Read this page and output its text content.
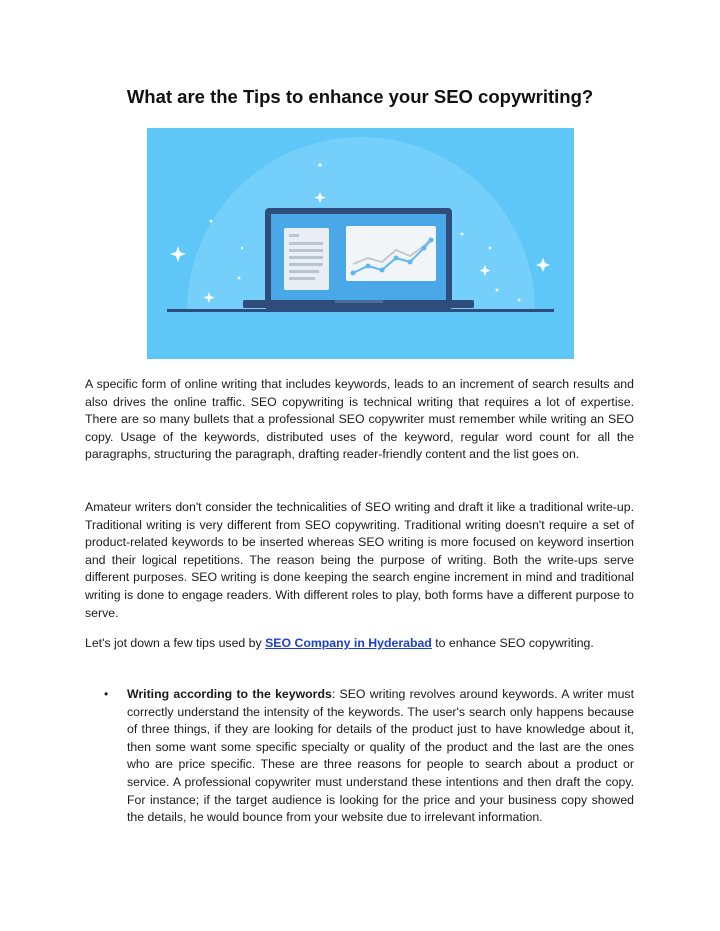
What are the Tips to enhance your SEO copywriting?
A specific form of online writing that includes keywords, leads to an increment of search results and also drives the online traffic. SEO copywriting is technical writing that requires a lot of expertise. There are so many bullets that a professional SEO copywriter must remember while writing an SEO copy. Usage of the keywords, distributed uses of the keyword, regular word count for all the paragraphs, structuring the paragraph, drafting reader-friendly content and the list goes on.
Amateur writers don't consider the technicalities of SEO writing and draft it like a traditional write-up. Traditional writing is very different from SEO copywriting. Traditional writing doesn't require a set of product-related keywords to be inserted whereas SEO writing is more focused on keyword insertion and their logical repetitions. The reason being the purpose of writing. Both the write-ups serve different purposes. SEO writing is done keeping the search engine increment in mind and traditional writing is done to engage readers. With different roles to play, both forms have a different purpose to serve.
Let's jot down a few tips used by SEO Company in Hyderabad to enhance SEO copywriting.
• Writing according to the keywords: SEO writing revolves around keywords. A writer must correctly understand the intensity of the keywords. The user's search only happens because of three things, if they are looking for details of the product just to have knowledge about it, then some want some specific specialty or quality of the product and the last are the ones who are price specific. These are three reasons for people to search about a product or service. A professional copywriter must understand these intentions and then draft the copy. For instance; if the target audience is looking for the price and your business copy showed the details, he would bounce from your website due to irrelevant information.
